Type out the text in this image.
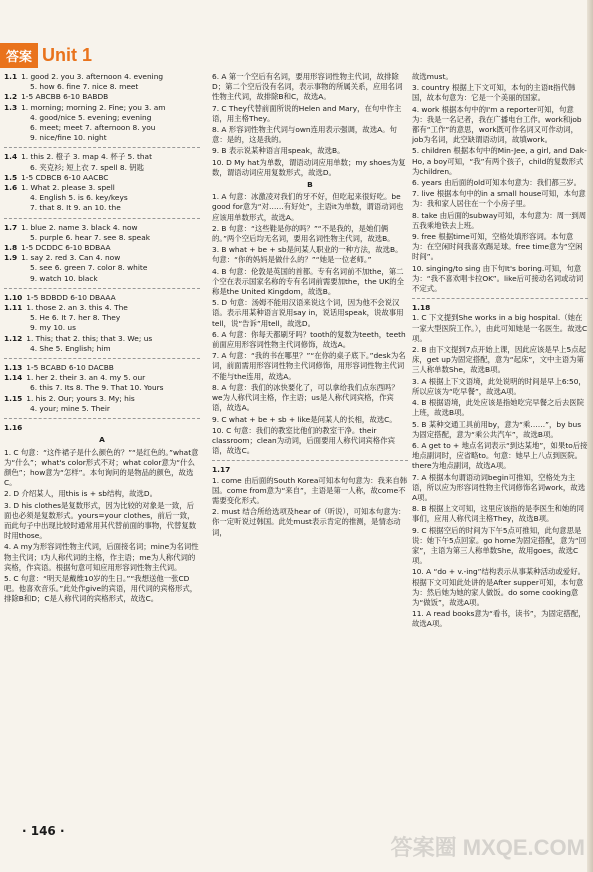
答案 Unit 1
1.1 1. good 2. you 3. afternoon 4. evening
5. how 6. fine 7. nice 8. meet
1.2 1-5 ABCBB 6-10 BABDB
1.3 1. morning; morning 2. Fine; you 3. am
4. good/nice 5. evening; evening
6. meet; meet 7. afternoon 8. you
9. nice/fine 10. night
1.4 1. this 2. 橙子 3. map 4. 杯子 5. that
6. 夹克衫; 短上衣 7. spell 8. 钥匙
1.5 1-5 CDBCB 6-10 AACBC
1.6 1. What 2. please 3. spell
4. English 5. is 6. key/keys
7. that 8. It 9. an 10. the
1.7 1. blue 2. name 3. black 4. now
5. purple 6. hear 7. see 8. speak
1.8 1-5 DCDDC 6-10 BDBAA
1.9 1. say 2. red 3. Can 4. now
5. see 6. green 7. color 8. white
9. watch 10. black
1.10 1-5 BDBDD 6-10 DBAAA
1.11 1. those 2. an 3. this 4. The
5. He 6. It 7. her 8. They
9. my 10. us
1.12 1. This; that 2. this; that 3. We; us
4. She 5. English; him
1.13 1-5 BCABD 6-10 DACBB
1.14 1. her 2. their 3. an 4. my 5. our
6. this 7. Its 8. The 9. That 10. Yours
1.15 1. his 2. Our; yours 3. My; his
4. your; mine 5. Their
1.16
A
1. C 句意：“这件裙子是什么颜色的？”“是红色的。”what意为“什么”；what's color形式不对；what color意为“什么颜色”；how意为“怎样”。本句询问的是物品的颜色，故选C。
2. D 介绍某人，用this is + sb结构，故选D。
3. D his clothes是复数形式，因为比较的对象是一致，后面也必须是复数形式。yours=your clothes，前后一致，而此句子中出现比较时通常用其代替前面的事物，代替复数时用those。
4. A my为形容词性物主代词，后面接名词；mine为名词性物主代词；I为人称代词的主格，作主语；me为人称代词的宾格，作宾语。根据句意可知应用形容词性物主代词。
5. C 句意：“明天是戴维10岁的生日。”“我想送他一张CD吧。他喜欢音乐。”此处作give的宾语，用代词的宾格形式，排除B和D；C是人称代词的宾格形式，故选C。
6. A 第一个空后有名词，要用形容词性物主代词，故排除D；第二个空后没有名词，表示事物的所属关系，应用名词性物主代词，故排除B和C，故选A。
7. C They代替前面所说的Helen and Mary，在句中作主语，用主格They。
8. A 形容词性物主代词与own连用表示强调，故选A。句意：是的，这是我的。
9. B 表示说某种语言用speak，故选B。
10. D My hat为单数，谓语动词应用单数；my shoes为复数，谓语动词应用复数形式，故选D。
B
1. A 句意：冰激凌对我们的牙不好，但吃起来很好吃。be good for意为“对……有好处”，主语it为单数，谓语动词也应该用单数形式，故选A。
2. B 句意：“这些鞋是你的吗？”“不是我的，是她们俩的。”两个空后均无名词，要用名词性物主代词，故选B。
3. B what + be + sb是问某人职业的一种方法，故选B。句意：“你的妈妈是做什么的？”“她是一位老师。”
4. B 句意：伦敦是英国的首都。专有名词前不加the，第二个空在表示国家名称的专有名词前需要加the，the UK的全称是the United Kingdom，故选B。
5. D 句意：汤姆不能用汉语来说这个词，因为他不会说汉语。表示用某种语言说用say in，说话用speak，说故事用tell，说“告诉”用tell，故选D。
6. A 句意：你每天都刷牙吗？tooth的复数为teeth，teeth前面应用形容词性物主代词修饰，故选A。
7. A 句意：“我的书在哪里？”“在你的桌子底下。”desk为名词，前面需用形容词性物主代词修饰，用形容词性物主代词不能与the连用，故选A。
8. A 句意：我们的冰快要化了，可以拿给我们点东西吗？we为人称代词主格，作主语；us是人称代词宾格，作宾语，故选A。
9. C what + be + sb + like是问某人的长相，故选C。
10. C 句意：我们的教室比他们的教室干净。their classroom；clean为动词，后面要用人称代词宾格作宾语，故选C。
1.17
1. come 由后面的South Korea可知本句句意为：我来自韩国。come from意为“来自”，主语是第一人称，故come不需要变化形式。
2. must 结合所给选项及hear of（听说），可知本句意为：你一定听说过韩国。此处must表示肯定的推测，是情态动词，
故选must。
3. country 根据上下文可知，本句的主语It指代韩国，故本句意为：它是一个美丽的国家。
4. work 根据本句中的I'm a reporter可知，句意为：我是一名记者，我在广播电台工作。work和job都有“工作”的意思，work既可作名词又可作动词，job为名词，此空缺谓语动词，故填work。
5. children 根据本句中的Min-Jee, a girl, and Dak-Ho, a boy可知，“我”有两个孩子，child的复数形式为children。
6. years 由后面的old可知本句意为：我们都三岁。
7. live 根据本句中的in a small house可知，本句意为：我和家人居住在一个小房子里。
8. take 由后面的subway可知，本句意为：周一到周五我乘地铁去上班。
9. free 根据time可知，空格处填形容词。本句意为：在空闲时间我喜欢踢足球。free time意为“空闲时间”。
10. singing/to sing 由下句It's boring.可知，句意为：“我不喜欢唱卡拉OK”。like后可接动名词或动词不定式。
1.18
1. C 下文提到She works in a big hospital.（她在一家大型医院工作。），由此可知她是一名医生。故选C项。
2. B 由下文提到7点开始上课，因此应该是早上5点起床，get up为固定搭配，意为“起床”，文中主语为第三人称单数She，故选B项。
3. A 根据上下文语境，此处说明的时间是早上6:50，所以应该为“吃早餐”，故选A项。
4. B 根据语境，此处应该是指她吃完早餐之后去医院上班，故选B项。
5. B 某种交通工具前用by，意为“乘……”，by bus为固定搭配，意为“乘公共汽车”，故选B项。
6. A get to + 地点名词表示“到达某地”，如果to后接地点副词时，应省略to。句意：她早上八点到医院。there为地点副词，故选A项。
7. A 根据本句谓语动词begin可推知，空格处为主语，所以应为形容词性物主代词修饰名词work，故选A项。
8. B 根据上文可知，这里应该指的是李医生和她的同事们，应用人称代词主格They，故选B项。
9. C 根据空后的时间为下午5点可推知，此句意思是说：她下午5点回家。go home为固定搭配，意为“回家”，主语为第三人称单数She，故用goes，故选C项。
10. A “do + v.-ing”结构表示从事某种活动或爱好。根据下文可知此处讲的是After supper可知，本句意为：然后她为她的家人做饭。do some cooking意为“做饭”，故选A项。
11. A read books意为“看书，读书”，为固定搭配，故选A项。
· 146 ·
答案圈 MXQE.COM
